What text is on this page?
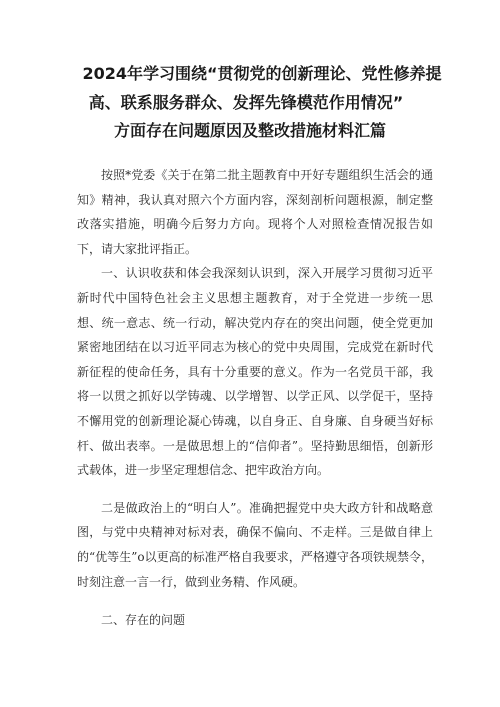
2024年学习围绕“贯彻党的创新理论、党性修养提
高、联系服务群众、发挥先锋模范作用情况”
方面存在问题原因及整改措施材料汇篇

按照*党委《关于在第二批主题教育中开好专题组织生活会的通知》精神，我认真对照六个方面内容，深刻剖析问题根源，制定整改落实措施，明确今后努力方向。现将个人对照检查情况报告如下，请大家批评指正。

一、认识收获和体会我深刻认识到，深入开展学习贯彻习近平新时代中国特色社会主义思想主题教育，对于全党进一步统一思想、统一意志、统一行动，解决党内存在的突出问题，使全党更加紧密地团结在以习近平同志为核心的党中央周围，完成党在新时代新征程的使命任务，具有十分重要的意义。作为一名党员干部，我将一以贯之抓好以学铸魂、以学增智、以学正风、以学促干，坚持不懈用党的创新理论凝心铸魂，以自身正、自身廉、自身硬当好标杆、做出表率。一是做思想上的“信仰者”。坚持勤思细悟，创新形式载体，进一步坚定理想信念、把牢政治方向。

二是做政治上的“明白人”。准确把握党中央大政方针和战略意图，与党中央精神对标对表，确保不偏向、不走样。三是做自律上的“优等生”o以更高的标准严格自我要求，严格遵守各项铁规禁令，时刻注意一言一行，做到业务精、作风硬。

二、存在的问题
